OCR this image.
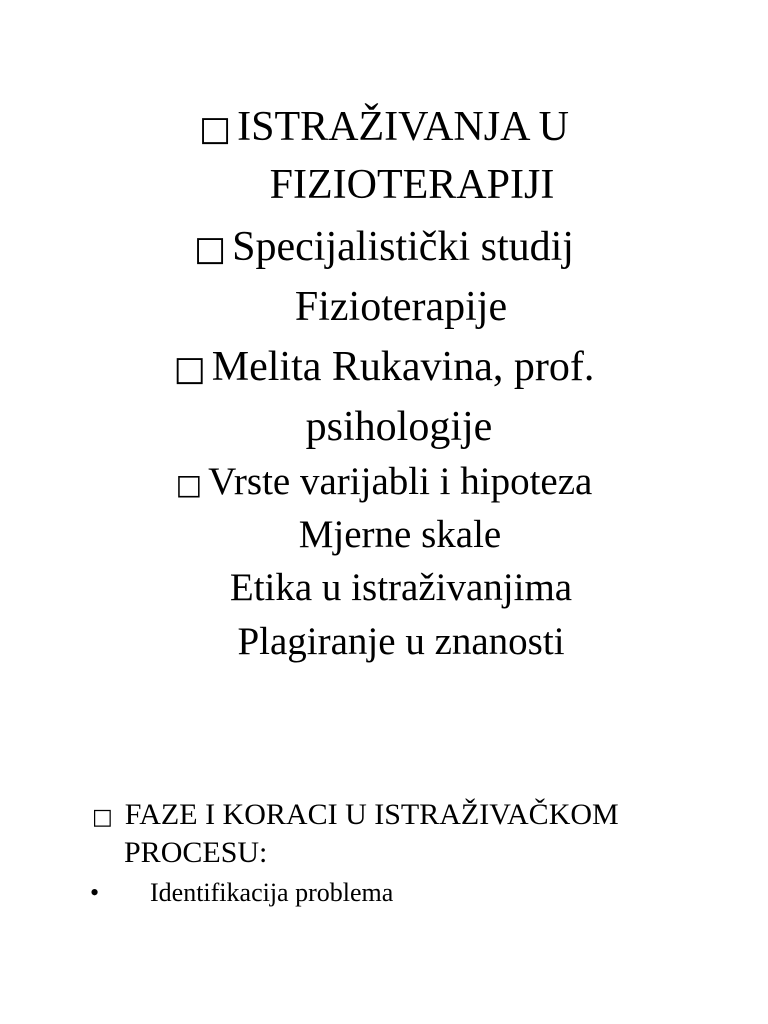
□ ISTRAŽIVANJA U
FIZIOTERAPIJI
□ Specijalistički studij
Fizioterapije
□ Melita Rukavina, prof.
psihologije
□ Vrste varijabli i hipoteza
Mjerne skale
Etika u istraživanjima
Plagiranje u znanosti
□ FAZE I KORACI U ISTRAŽIVAČKOM
PROCESU:
• Identifikacija problema
